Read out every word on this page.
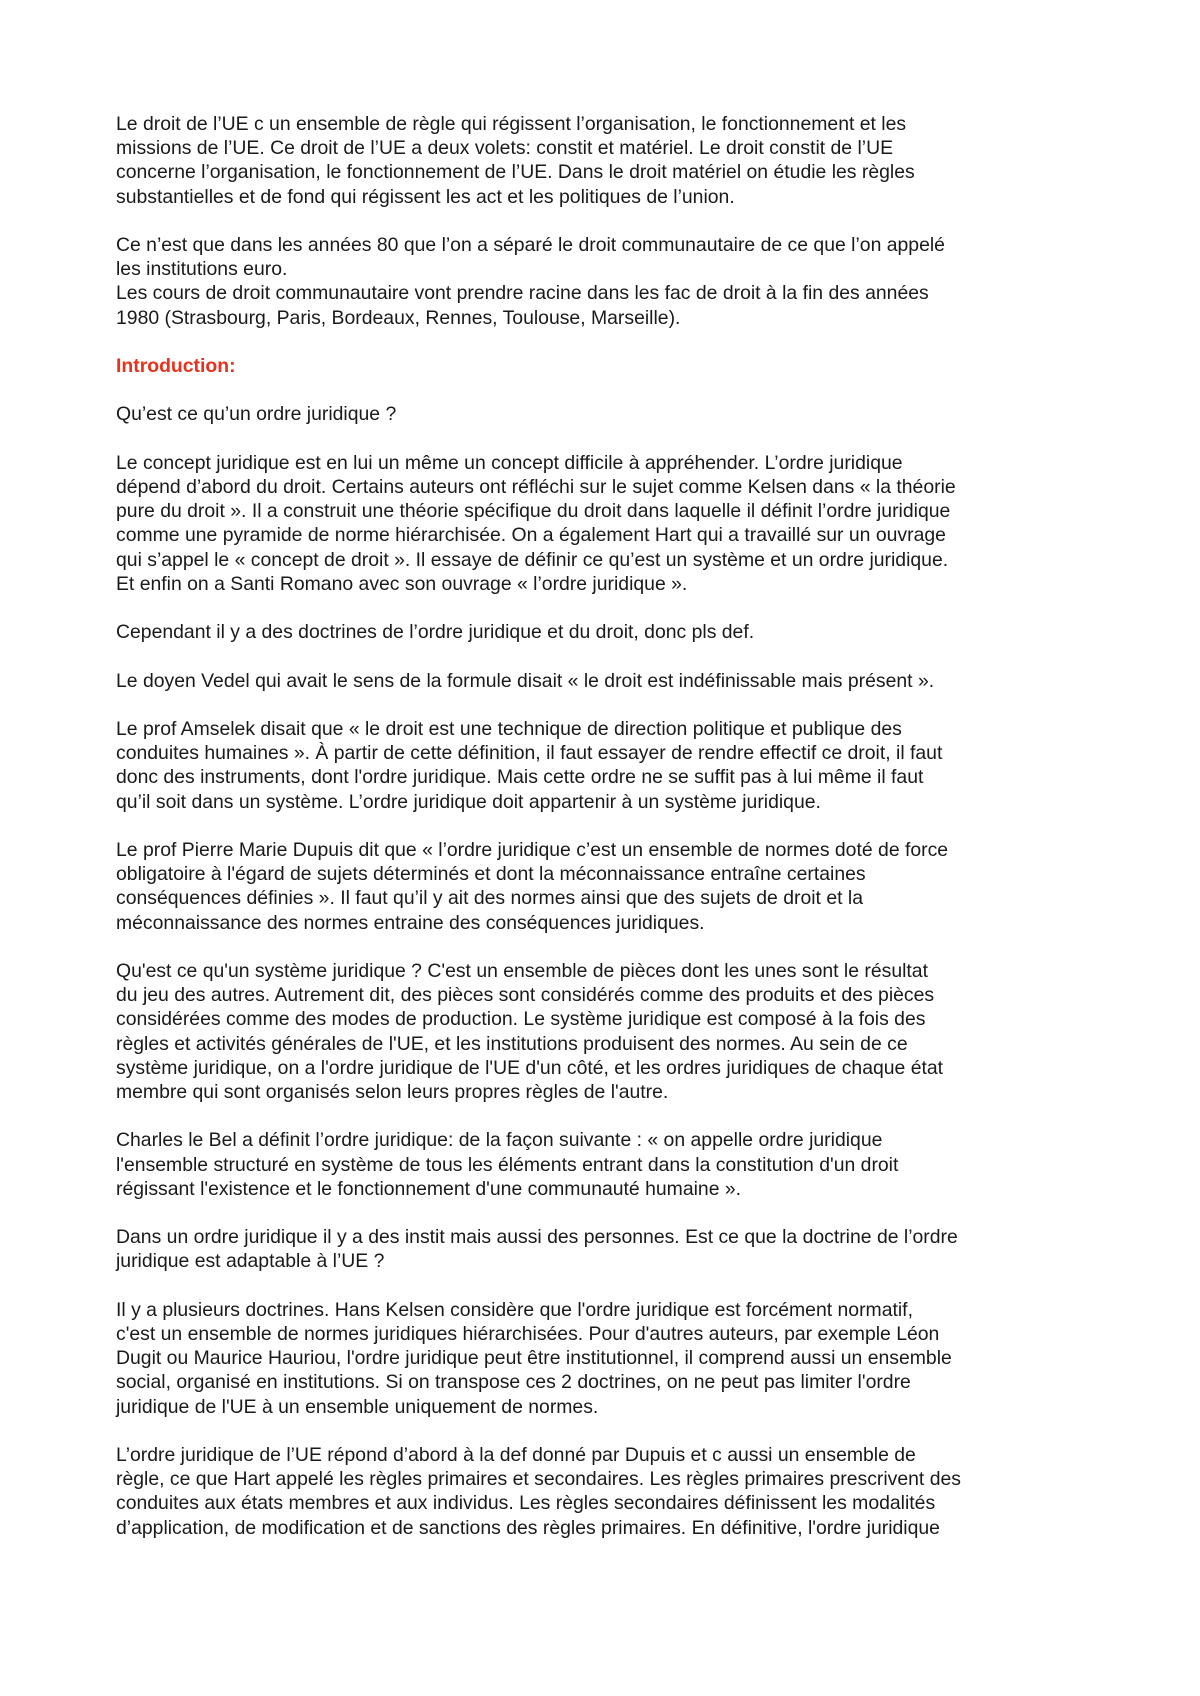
Le droit de l’UE c un ensemble de règle qui régissent l’organisation, le fonctionnement et les
missions de l’UE. Ce droit de l’UE a deux volets: constit et matériel. Le droit constit de l’UE
concerne l’organisation, le fonctionnement de l’UE. Dans le droit matériel on étudie les règles
substantielles et de fond qui régissent les act et les politiques de l’union.

Ce n’est que dans les années 80 que l’on a séparé le droit communautaire de ce que l’on appelé
les institutions euro.

Les cours de droit communautaire vont prendre racine dans les fac de droit à la fin des années
1980 (Strasbourg, Paris, Bordeaux, Rennes, Toulouse, Marseille).

Introduction:

Qu’est ce qu’un ordre juridique ?

Le concept juridique est en lui un même un concept difficile à appréhender. L’ordre juridique
dépend d’abord du droit. Certains auteurs ont réfléchi sur le sujet comme Kelsen dans « la théorie
pure du droit ». Il a construit une théorie spécifique du droit dans laquelle il définit l’ordre juridique
comme une pyramide de norme hiérarchisée. On a également Hart qui a travaillé sur un ouvrage
qui s’appel le « concept de droit ». Il essaye de définir ce qu’est un système et un ordre juridique.
Et enfin on a Santi Romano avec son ouvrage « l’ordre juridique ».

Cependant il y a des doctrines de l’ordre juridique et du droit, donc pls def.

Le doyen Vedel qui avait le sens de la formule disait « le droit est indéfinissable mais présent ».

Le prof Amselek disait que « le droit est une technique de direction politique et publique des
conduites humaines ». À partir de cette définition, il faut essayer de rendre effectif ce droit, il faut
donc des instruments, dont l'ordre juridique. Mais cette ordre ne se suffit pas à lui même il faut
qu’il soit dans un système. L’ordre juridique doit appartenir à un système juridique.

Le prof Pierre Marie Dupuis dit que « l’ordre juridique c’est un ensemble de normes doté de force
obligatoire à l'égard de sujets déterminés et dont la méconnaissance entraîne certaines
conséquences définies ». Il faut qu’il y ait des normes ainsi que des sujets de droit et la
méconnaissance des normes entraine des conséquences juridiques.

Qu'est ce qu'un système juridique ? C'est un ensemble de pièces dont les unes sont le résultat
du jeu des autres. Autrement dit, des pièces sont considérés comme des produits et des pièces
considérées comme des modes de production. Le système juridique est composé à la fois des
règles et activités générales de l'UE, et les institutions produisent des normes. Au sein de ce
système juridique, on a l'ordre juridique de l'UE d'un côté, et les ordres juridiques de chaque état
membre qui sont organisés selon leurs propres règles de l'autre.

Charles le Bel a définit l’ordre juridique: de la façon suivante : « on appelle ordre juridique
l'ensemble structuré en système de tous les éléments entrant dans la constitution d'un droit
régissant l'existence et le fonctionnement d'une communauté humaine ».

Dans un ordre juridique il y a des instit mais aussi des personnes. Est ce que la doctrine de l’ordre
juridique est adaptable à l’UE ?

Il y a plusieurs doctrines. Hans Kelsen considère que l'ordre juridique est forcément normatif,
c'est un ensemble de normes juridiques hiérarchisées. Pour d'autres auteurs, par exemple Léon
Dugit ou Maurice Hauriou, l'ordre juridique peut être institutionnel, il comprend aussi un ensemble
social, organisé en institutions. Si on transpose ces 2 doctrines, on ne peut pas limiter l'ordre
juridique de l'UE à un ensemble uniquement de normes.

L’ordre juridique de l’UE répond d’abord à la def donné par Dupuis et c aussi un ensemble de
règle, ce que Hart appelé les règles primaires et secondaires. Les règles primaires prescrivent des
conduites aux états membres et aux individus. Les règles secondaires définissent les modalités
d’application, de modification et de sanctions des règles primaires. En définitive, l'ordre juridique
